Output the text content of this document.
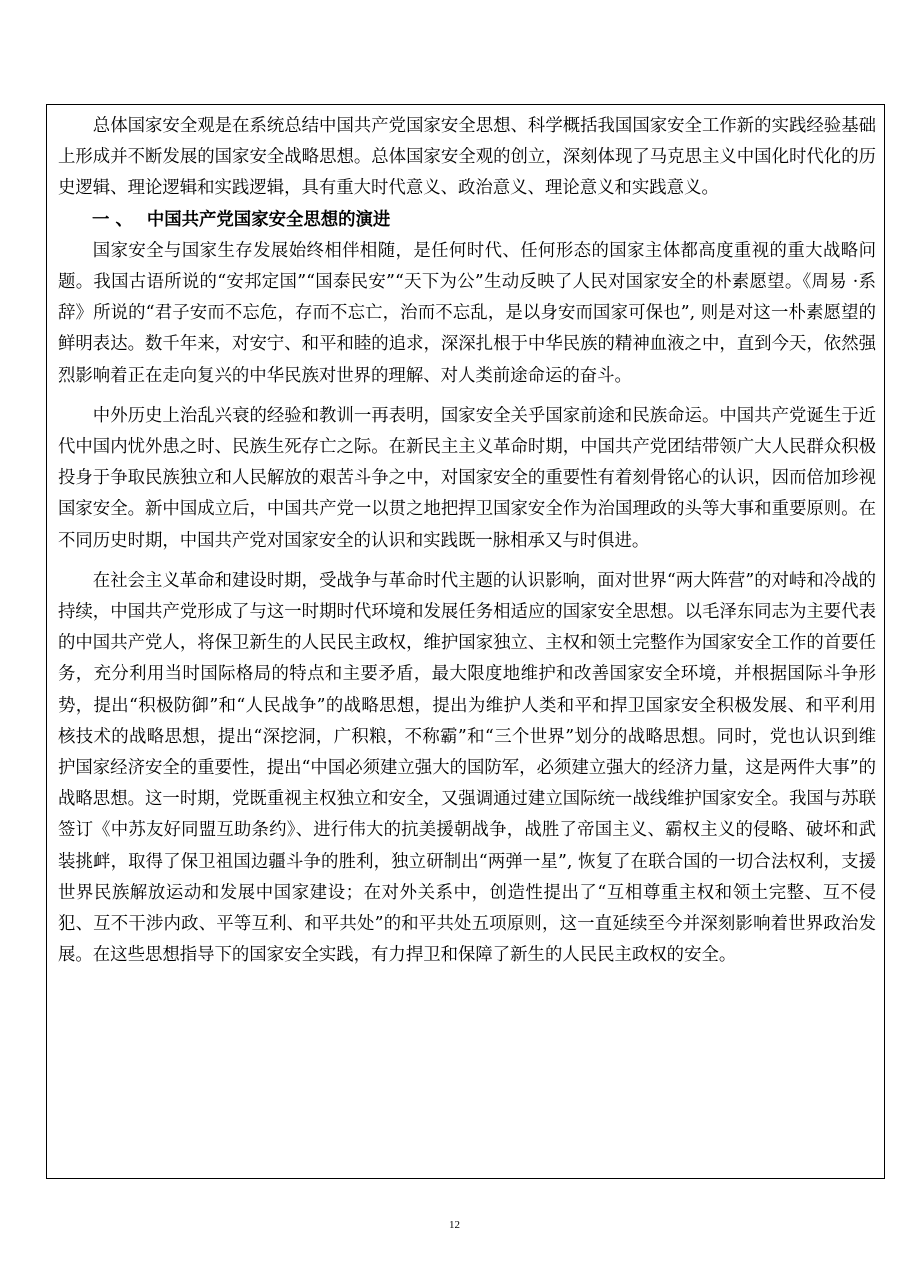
总体国家安全观是在系统总结中国共产党国家安全思想、科学概括我国国家安全工作新的实践经验基础上形成并不断发展的国家安全战略思想。总体国家安全观的创立，深刻体现了马克思主义中国化时代化的历史逻辑、理论逻辑和实践逻辑，具有重大时代意义、政治意义、理论意义和实践意义。

一 、 中国共产党国家安全思想的演进

国家安全与国家生存发展始终相伴相随，是任何时代、任何形态的国家主体都高度重视的重大战略问题。我国古语所说的“安邦定国”“国泰民安”“天下为公”生动反映了人民对国家安全的朴素愿望。《周易 ·系辞》所说的“君子安而不忘危，存而不忘亡，治而不忘乱，是以身安而国家可保也”, 则是对这一朴素愿望的鲜明表达。数千年来，对安宁、和平和睦的追求，深深扎根于中华民族的精神血液之中，直到今天，依然强烈影响着正在走向复兴的中华民族对世界的理解、对人类前途命运的奋斗。

中外历史上治乱兴衰的经验和教训一再表明，国家安全关乎国家前途和民族命运。中国共产党诞生于近代中国内忧外患之时、民族生死存亡之际。在新民主主义革命时期，中国共产党团结带领广大人民群众积极投身于争取民族独立和人民解放的艰苦斗争之中，对国家安全的重要性有着刻骨铭心的认识，因而倍加珍视国家安全。新中国成立后，中国共产党一以贯之地把捍卫国家安全作为治国理政的头等大事和重要原则。在不同历史时期，中国共产党对国家安全的认识和实践既一脉相承又与时俱进。

在社会主义革命和建设时期，受战争与革命时代主题的认识影响，面对世界“两大阵营”的对峙和冷战的持续，中国共产党形成了与这一时期时代环境和发展任务相适应的国家安全思想。以毛泽东同志为主要代表的中国共产党人，将保卫新生的人民民主政权，维护国家独立、主权和领土完整作为国家安全工作的首要任务，充分利用当时国际格局的特点和主要矛盾，最大限度地维护和改善国家安全环境，并根据国际斗争形势，提出“积极防御”和“人民战争”的战略思想，提出为维护人类和平和捍卫国家安全积极发展、和平利用核技术的战略思想，提出“深挖洞，广积粮，不称霸”和“三个世界”划分的战略思想。同时，党也认识到维护国家经济安全的重要性，提出“中国必须建立强大的国防军，必须建立强大的经济力量，这是两件大事”的战略思想。这一时期，党既重视主权独立和安全，又强调通过建立国际统一战线维护国家安全。我国与苏联签订《中苏友好同盟互助条约》、进行伟大的抗美援朝战争，战胜了帝国主义、霸权主义的侵略、破坏和武装挑衅，取得了保卫祖国边疆斗争的胜利，独立研制出“两弹一星”, 恢复了在联合国的一切合法权利，支援世界民族解放运动和发展中国家建设；在对外关系中，创造性提出了“互相尊重主权和领土完整、互不侵犯、互不干涉内政、平等互利、和平共处”的和平共处五项原则，这一直延续至今并深刻影响着世界政治发展。在这些思想指导下的国家安全实践，有力捍卫和保障了新生的人民民主政权的安全。

12
